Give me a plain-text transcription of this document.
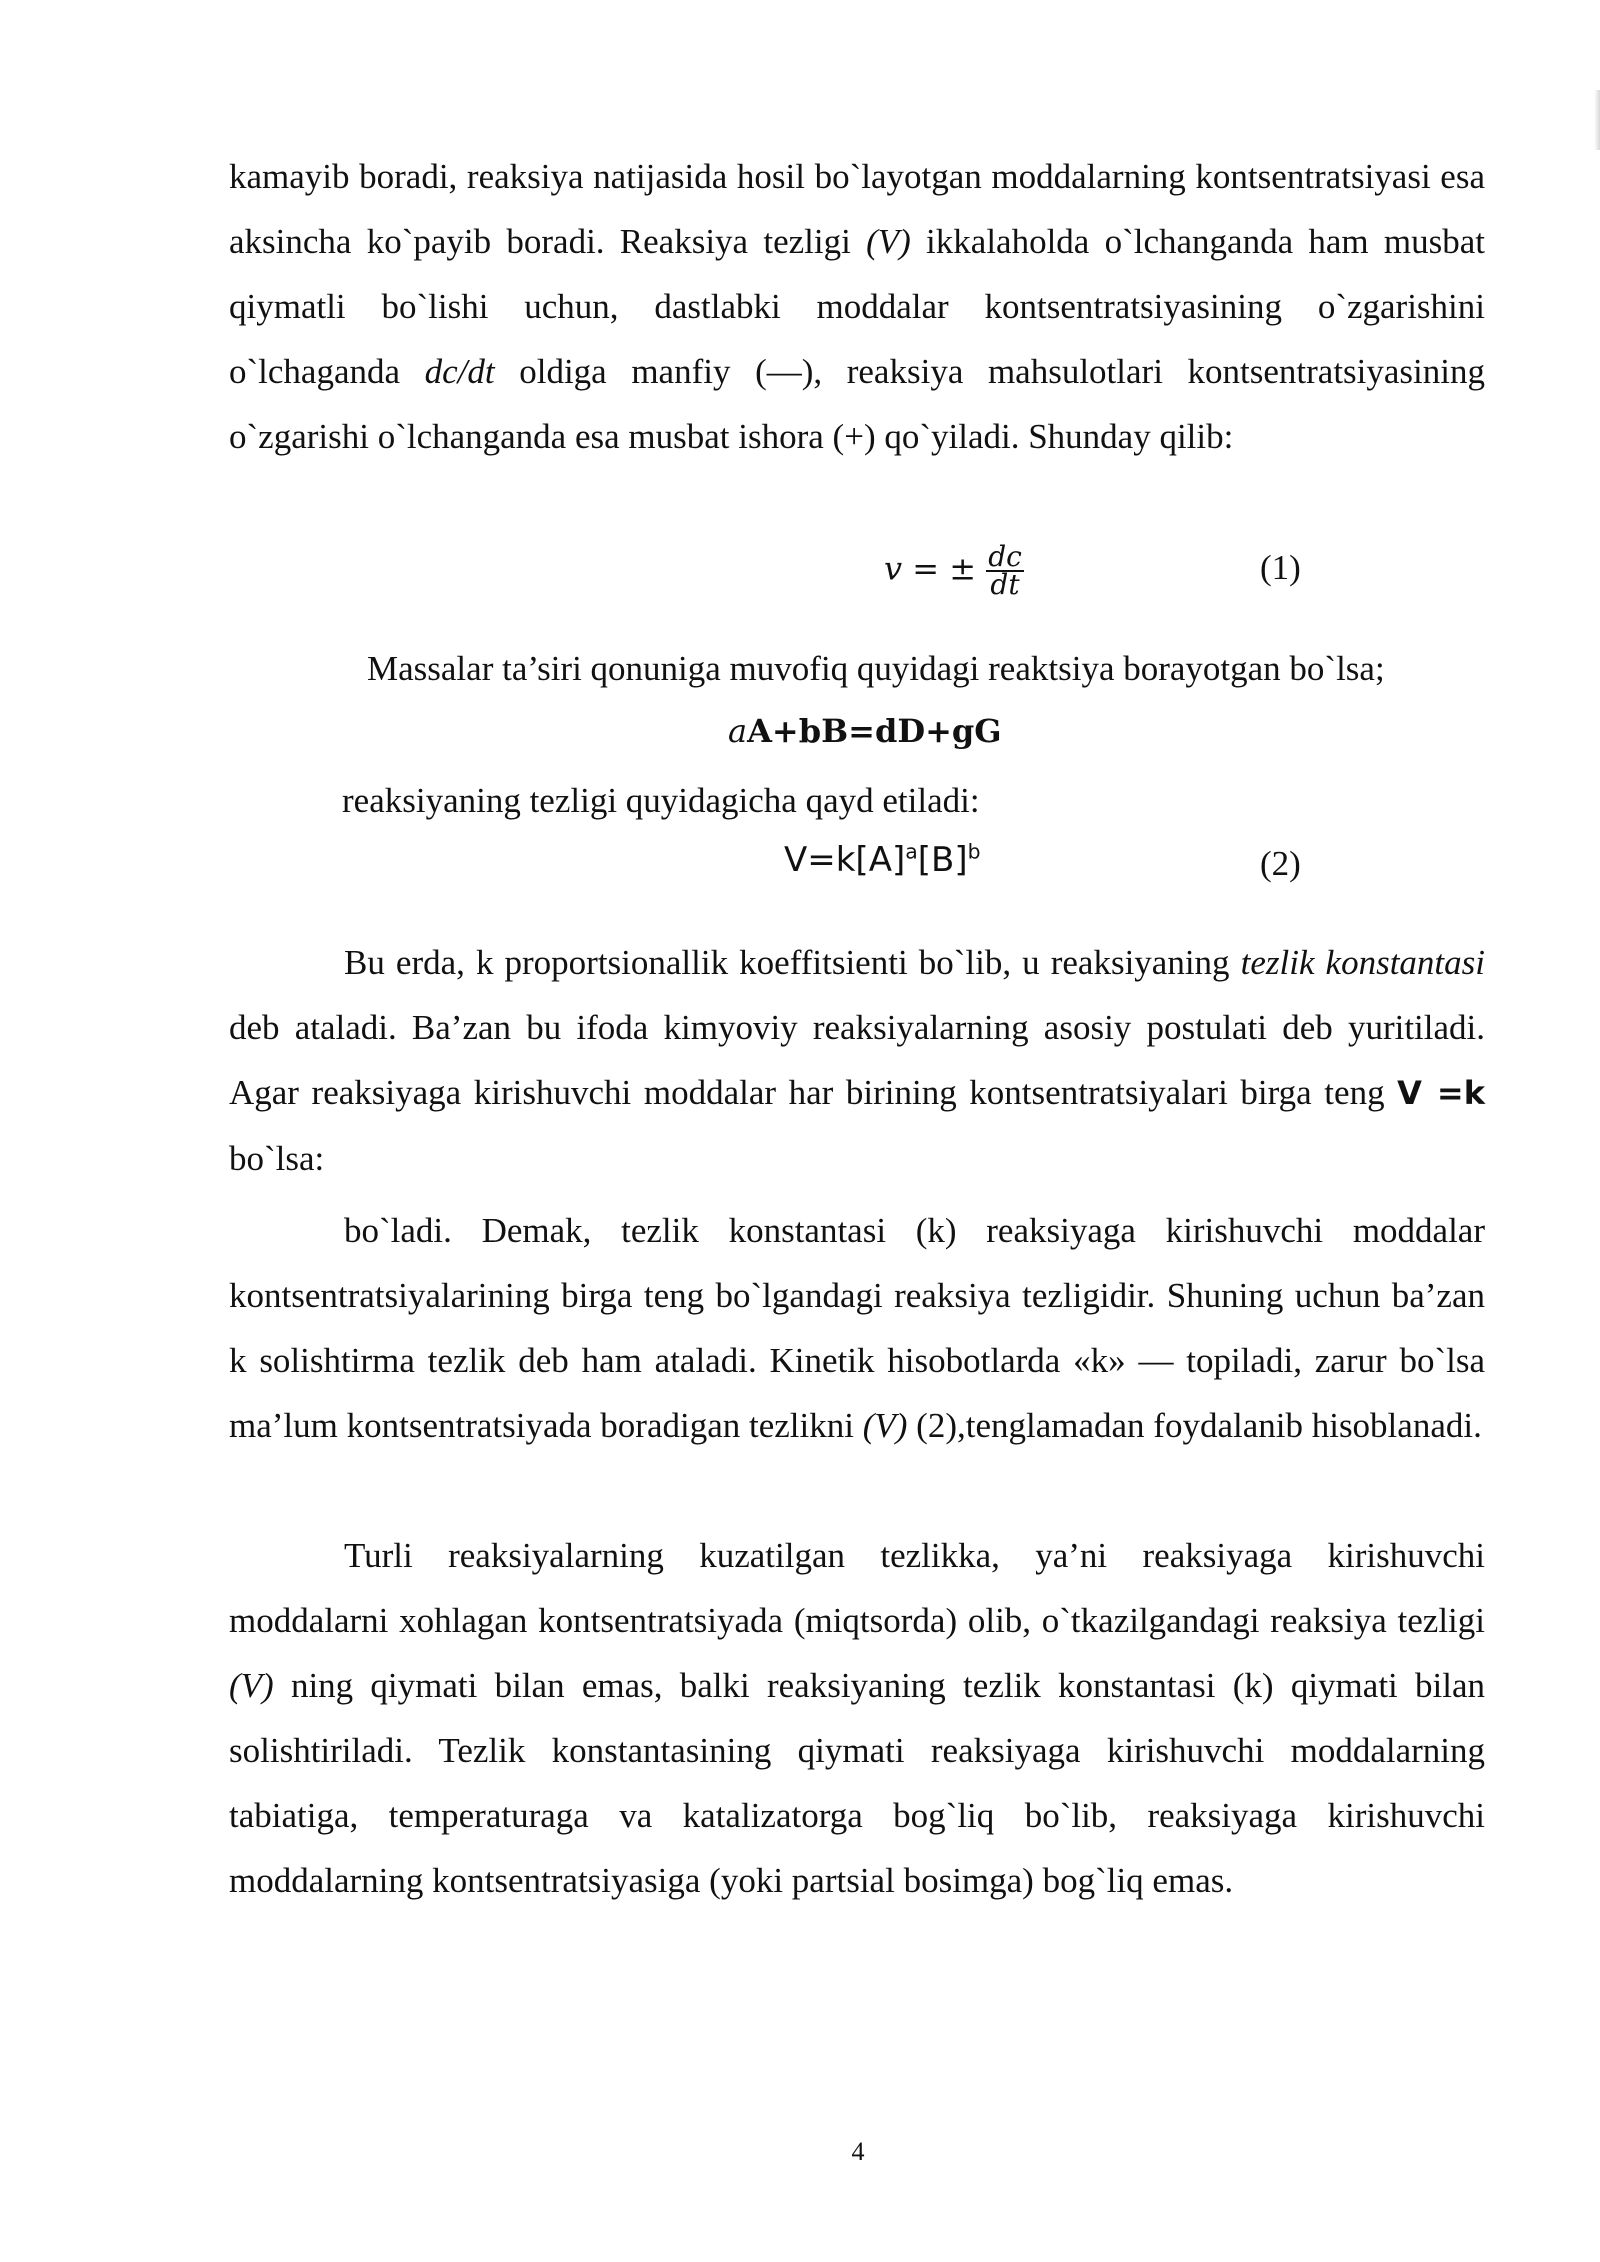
kamayib boradi, reaksiya natijasida hosil bo`layotgan moddalarning kontsentratsiyasi esa aksincha ko`payib boradi. Reaksiya tezligi (V) ikkalaholda o`lchanganda ham musbat qiymatli bo`lishi uchun, dastlabki moddalar kontsentratsiyasining o`zgarishini o`lchaganda dc/dt oldiga manfiy (—), reaksiya mahsulotlari kontsentratsiyasining o`zgarishi o`lchanganda esa musbat ishora (+) qo`yiladi. Shunday qilib:

v = ± $\frac{dc}{dt}$	(1)
Massalar ta’siri qonuniga muvofiq quyidagi reaktsiya borayotgan bo`lsa;
aA+bB=dD+gG
reaksiyaning tezligi quyidagicha qayd etiladi:
$V=k[A]^a[B]^b$	(2)

Bu erda, k proportsionallik koeffitsienti bo`lib, u reaksiyaning tezlik konstantasi deb ataladi. Ba’zan bu ifoda kimyoviy reaksiyalarning asosiy postulati deb yuritiladi. Agar reaksiyaga kirishuvchi moddalar har birining kontsentratsiyalari birga teng V =k bo`lsa:

bo`ladi. Demak, tezlik konstantasi (k) reaksiyaga kirishuvchi moddalar kontsentratsiyalarining birga teng bo`lgandagi reaksiya tezligidir. Shuning uchun ba’zan k solishtirma tezlik deb ham ataladi. Kinetik hisobotlarda «k» — topiladi, zarur bo`lsa ma’lum kontsentratsiyada boradigan tezlikni (V) (2),tenglamadan foydalanib hisoblanadi.

Turli reaksiyalarning kuzatilgan tezlikka, ya’ni reaksiyaga kirishuvchi moddalarni xohlagan kontsentratsiyada (miqtsorda) olib, o`tkazilgandagi reaksiya tezligi (V) ning qiymati bilan emas, balki reaksiyaning tezlik konstantasi (k) qiymati bilan solishtiriladi. Tezlik konstantasining qiymati reaksiyaga kirishuvchi moddalarning tabiatiga, temperaturaga va katalizatorga bog`liq bo`lib, reaksiyaga kirishuvchi moddalarning kontsentratsiyasiga (yoki partsial bosimga) bog`liq emas.

4
